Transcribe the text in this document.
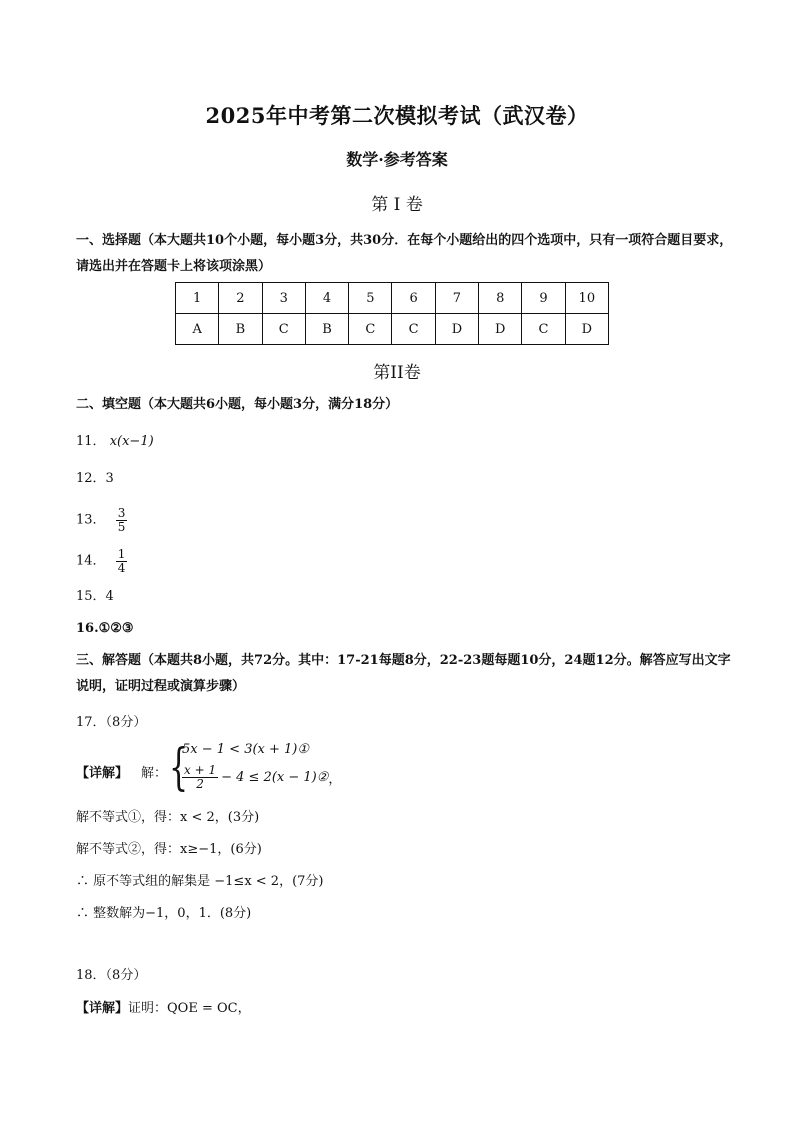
2025年中考第二次模拟考试（武汉卷）
数学·参考答案
第 I 卷
一、选择题（本大题共10个小题，每小题3分，共30分．在每个小题给出的四个选项中，只有一项符合题目要求，请选出并在答题卡上将该项涂黑）
1	2	3	4	5	6	7	8	9	10
A	B	C	B	C	C	D	D	C	D
第II卷
二、填空题（本大题共6小题，每小题3分，满分18分）
11． x(x−1)
12．3
13． $\frac{3}{5}$
14． $\frac{1}{4}$
15．4
16.①②③
三、解答题（本题共8小题，共72分。其中：17-21每题8分，22-23题每题10分，24题12分。解答应写出文字说明，证明过程或演算步骤）
17．（8分）
【详解】 解： {
5x − 1 < 3(x + 1)①
$\frac{x + 1}{2} - 4 \le 2(x$ − 1)② ，
解不等式①，得：x < 2，(3分)
解不等式②，得：x≥−1，(6分)
∴ 原不等式组的解集是 −1≤x < 2，(7分)
∴ 整数解为−1，0，1．(8分)
18．（8分）
【详解】证明：QOE = OC，
